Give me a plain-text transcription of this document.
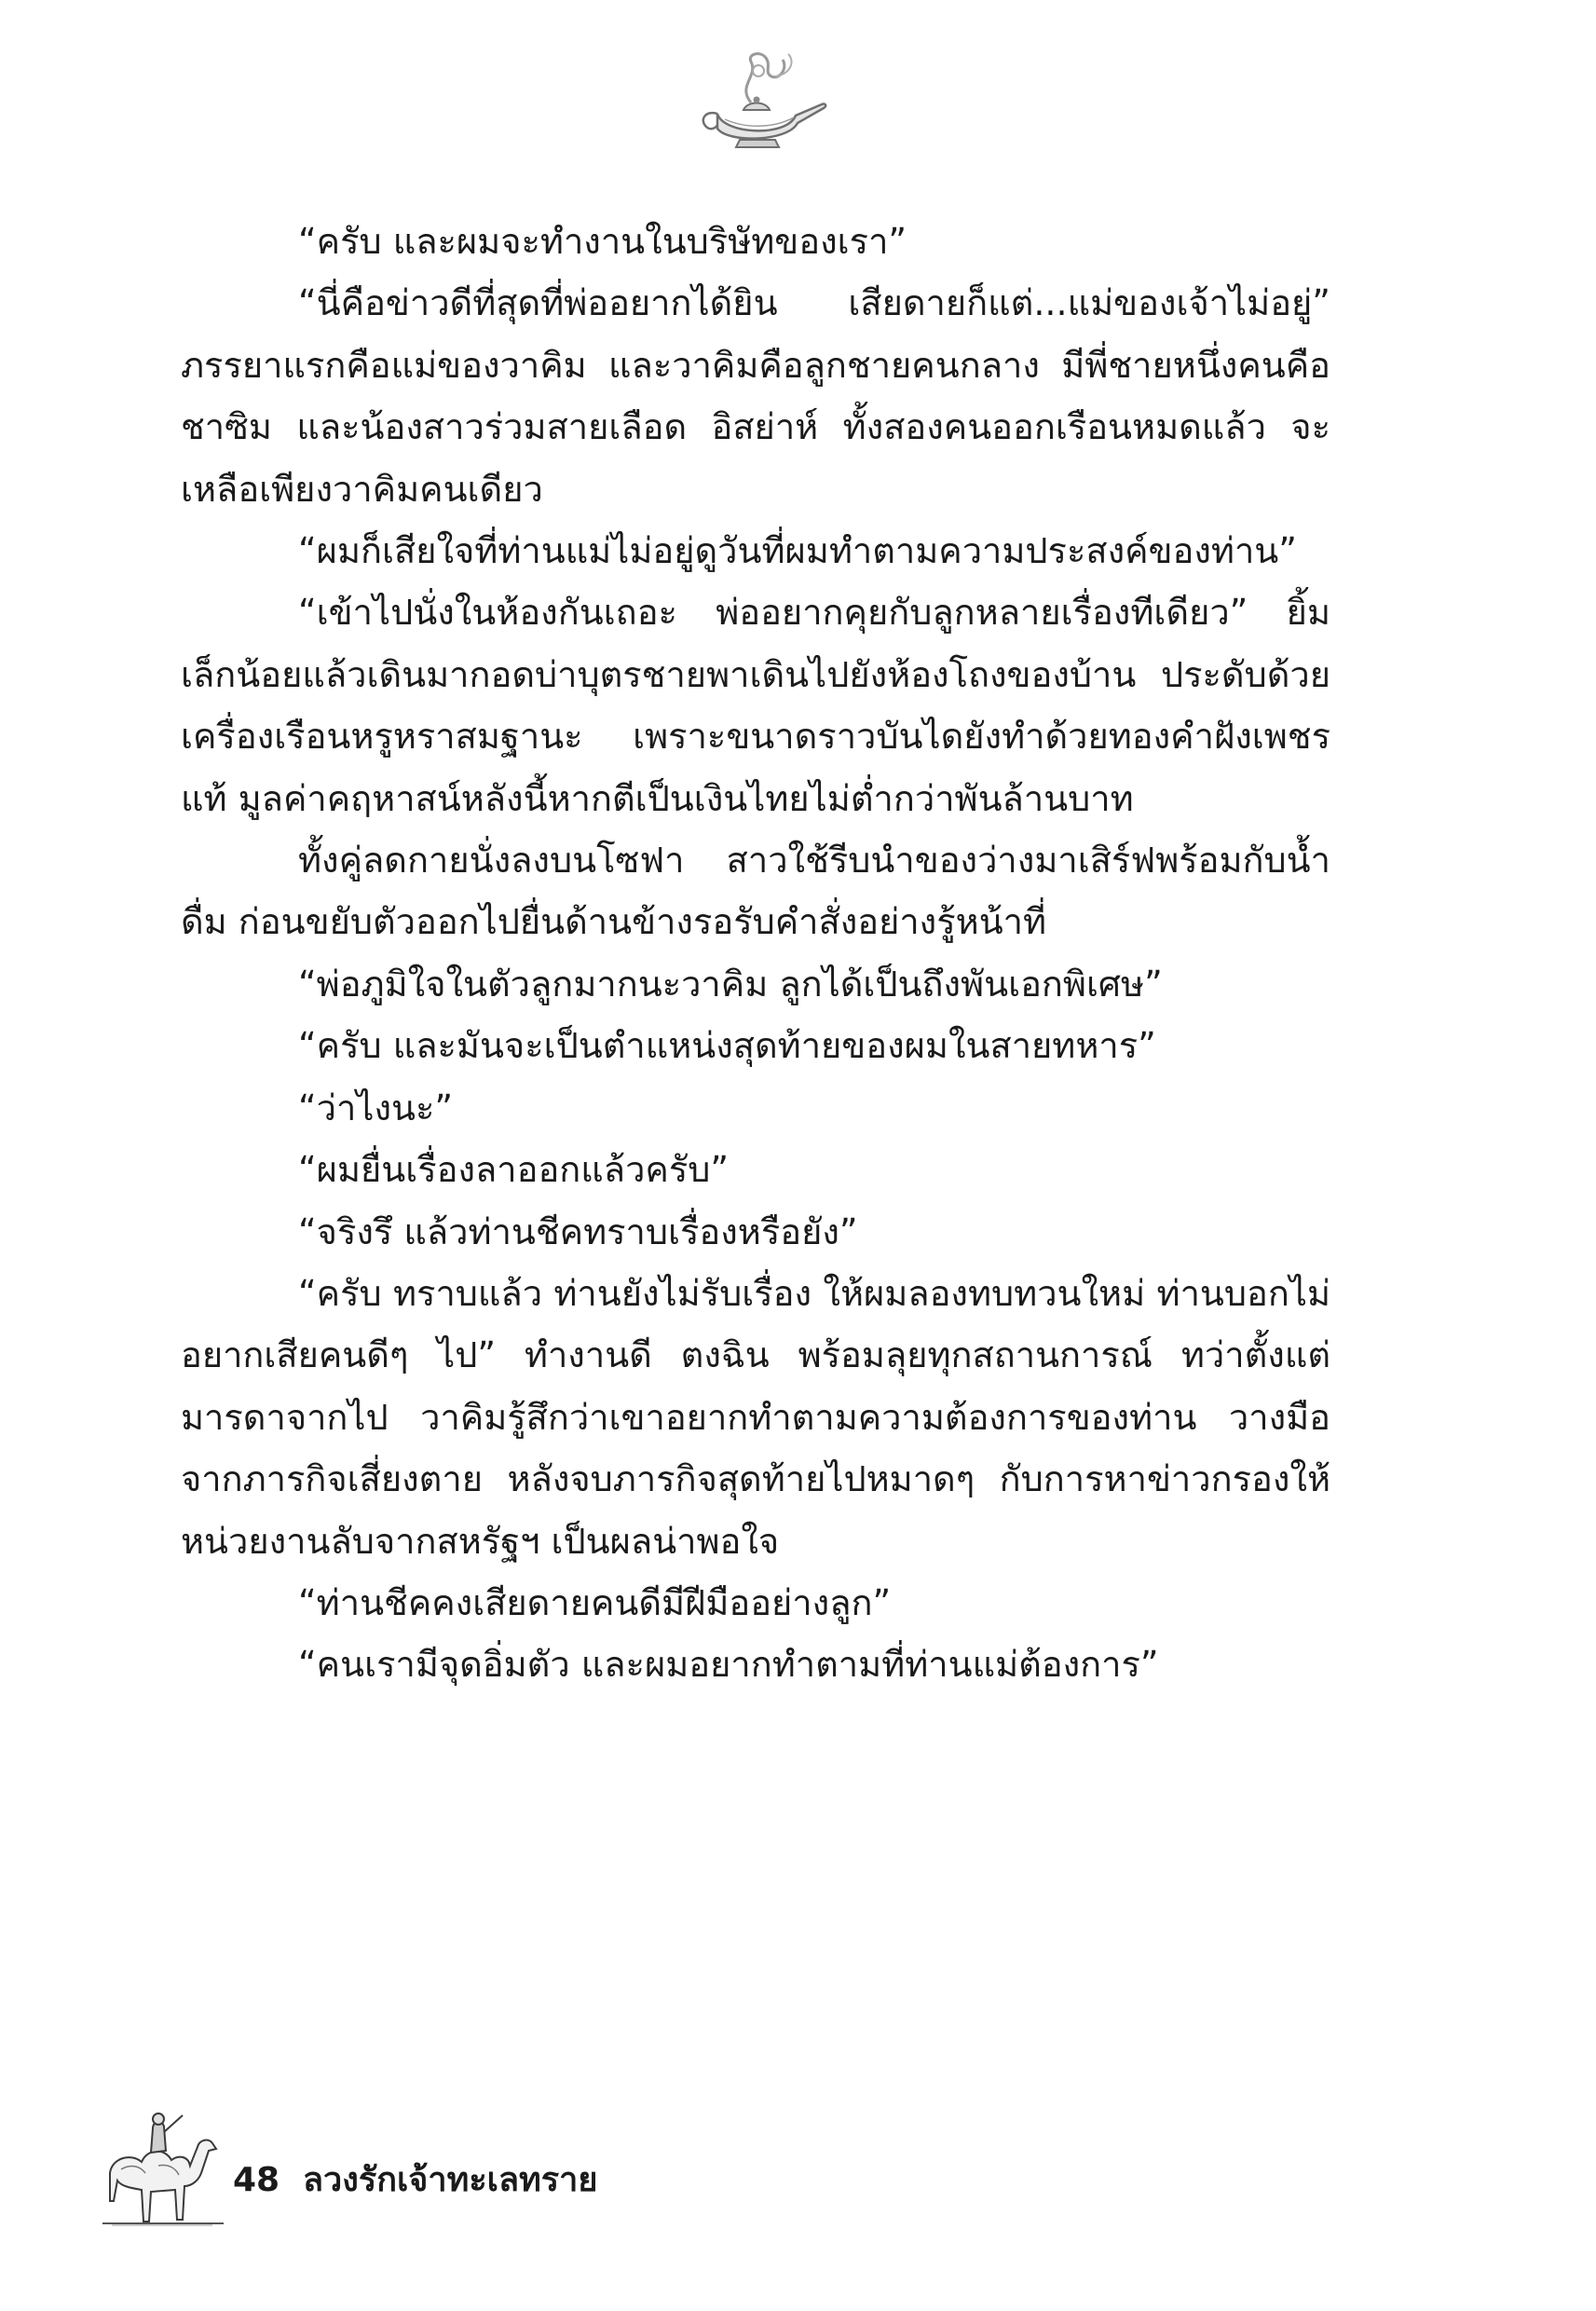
“ครับ และผมจะทำงานในบริษัทของเรา”

“นี่คือข่าวดีที่สุดที่พ่ออยากได้ยิน เสียดายก็แต่...แม่ของเจ้าไม่อยู่” ภรรยาแรกคือแม่ของวาคิม และวาคิมคือลูกชายคนกลาง มีพี่ชายหนึ่งคนคือชาซิม และน้องสาวร่วมสายเลือด อิสย่าห์ ทั้งสองคนออกเรือนหมดแล้ว จะเหลือเพียงวาคิมคนเดียว

“ผมก็เสียใจที่ท่านแม่ไม่อยู่ดูวันที่ผมทำตามความประสงค์ของท่าน”

“เข้าไปนั่งในห้องกันเถอะ พ่ออยากคุยกับลูกหลายเรื่องทีเดียว” ยิ้มเล็กน้อยแล้วเดินมากอดบ่าบุตรชายพาเดินไปยังห้องโถงของบ้าน ประดับด้วยเครื่องเรือนหรูหราสมฐานะ เพราะขนาดราวบันไดยังทำด้วยทองคำฝังเพชรแท้ มูลค่าคฤหาสน์หลังนี้หากตีเป็นเงินไทยไม่ต่ำกว่าพันล้านบาท

ทั้งคู่ลดกายนั่งลงบนโซฟา สาวใช้รีบนำของว่างมาเสิร์ฟพร้อมกับน้ำดื่ม ก่อนขยับตัวออกไปยื่นด้านข้างรอรับคำสั่งอย่างรู้หน้าที่

“พ่อภูมิใจในตัวลูกมากนะวาคิม ลูกได้เป็นถึงพันเอกพิเศษ”

“ครับ และมันจะเป็นตำแหน่งสุดท้ายของผมในสายทหาร”

“ว่าไงนะ”

“ผมยื่นเรื่องลาออกแล้วครับ”

“จริงรึ แล้วท่านชีคทราบเรื่องหรือยัง”

“ครับ ทราบแล้ว ท่านยังไม่รับเรื่อง ให้ผมลองทบทวนใหม่ ท่านบอกไม่อยากเสียคนดีๆ ไป” ทำงานดี ตงฉิน พร้อมลุยทุกสถานการณ์ ทว่าตั้งแต่มารดาจากไป วาคิมรู้สึกว่าเขาอยากทำตามความต้องการของท่าน วางมือจากภารกิจเสี่ยงตาย หลังจบภารกิจสุดท้ายไปหมาดๆ กับการหาข่าวกรองให้หน่วยงานลับจากสหรัฐฯ เป็นผลน่าพอใจ

“ท่านชีคคงเสียดายคนดีมีฝีมืออย่างลูก”

“คนเรามีจุดอิ่มตัว และผมอยากทำตามที่ท่านแม่ต้องการ”

48 ลวงรักเจ้าทะเลทราย
